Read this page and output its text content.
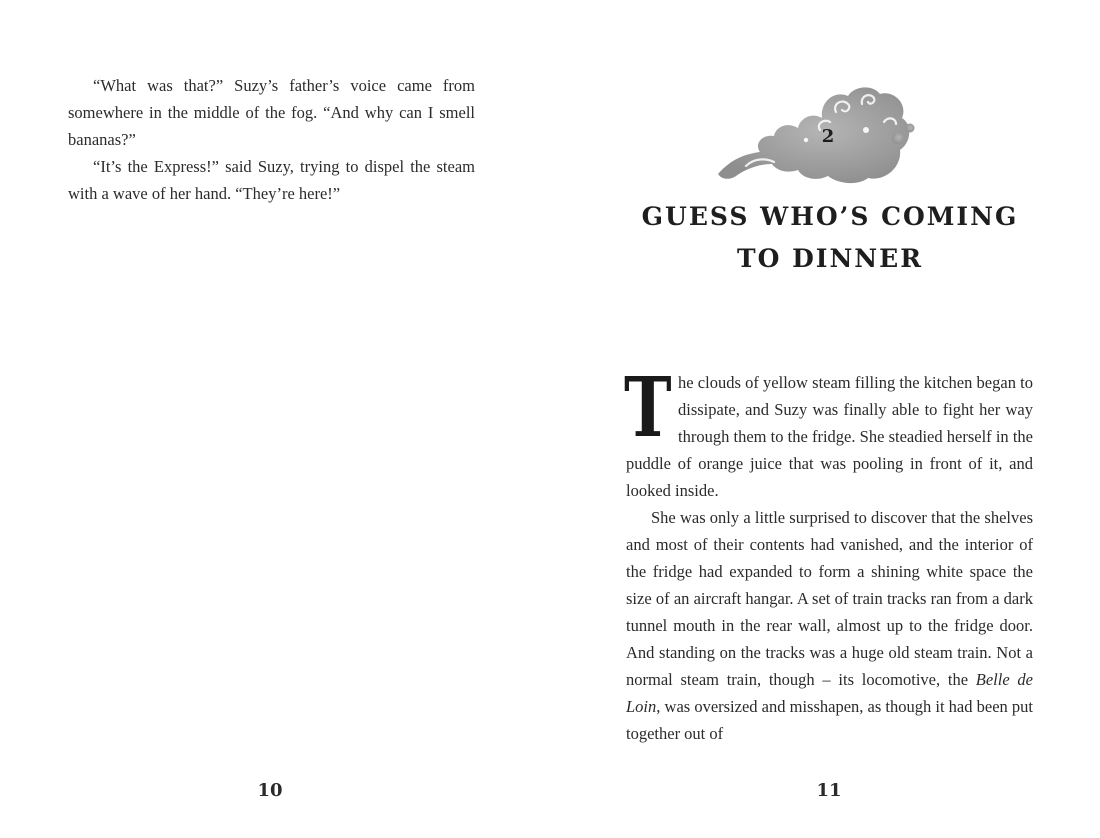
“What was that?” Suzy’s father’s voice came from somewhere in the middle of the fog. “And why can I smell bananas?”

“It’s the Express!” said Suzy, trying to dispel the steam with a wave of her hand. “They’re here!”

10
2
GUESS WHO’S COMING
TO DINNER

The clouds of yellow steam filling the kitchen began to dissipate, and Suzy was finally able to fight her way through them to the fridge. She steadied herself in the puddle of orange juice that was pooling in front of it, and looked inside.

She was only a little surprised to discover that the shelves and most of their contents had vanished, and the interior of the fridge had expanded to form a shining white space the size of an aircraft hangar. A set of train tracks ran from a dark tunnel mouth in the rear wall, almost up to the fridge door. And standing on the tracks was a huge old steam train. Not a normal steam train, though – its locomotive, the Belle de Loin, was oversized and misshapen, as though it had been put together out of

11
